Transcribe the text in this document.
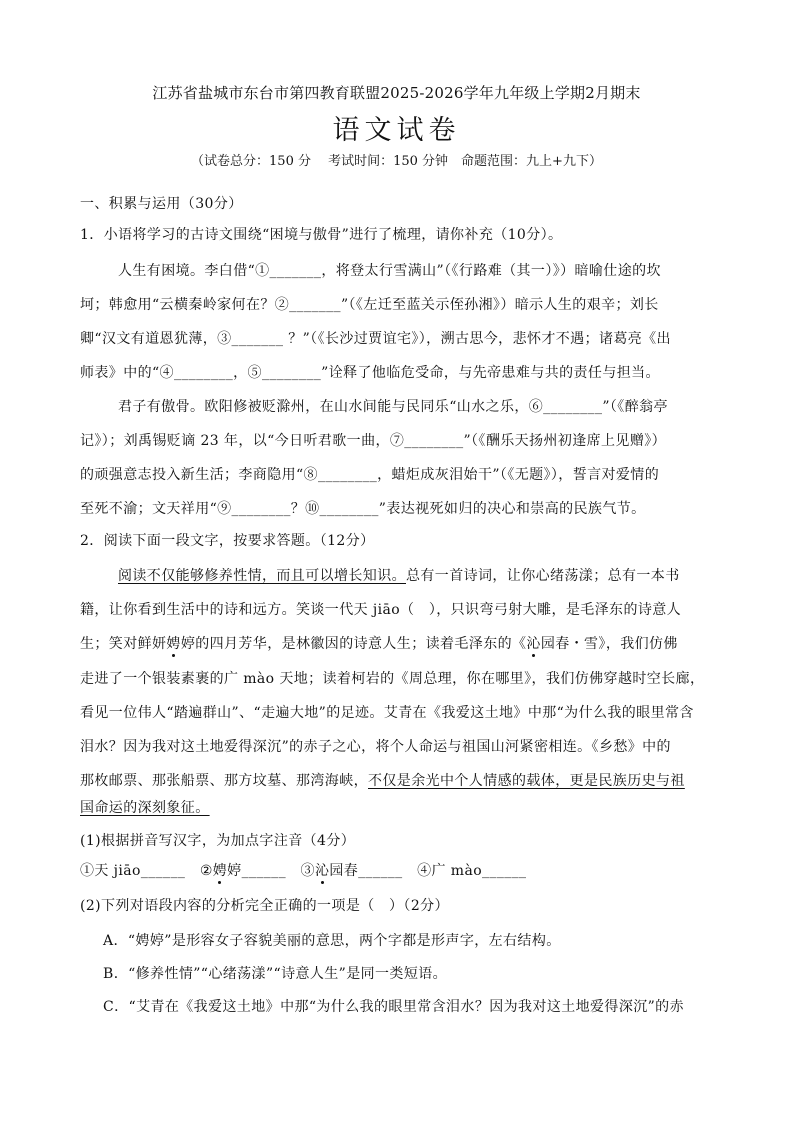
江苏省盐城市东台市第四教育联盟2025-2026学年九年级上学期2月期末
语文试卷
（试卷总分：150 分　 考试时间：150 分钟　命题范围：九上+九下）
一、积累与运用（30分）
1．小语将学习的古诗文围绕“困境与傲骨”进行了梳理，请你补充（10分）。
人生有困境。李白借“①_______，将登太行雪满山”（《行路难（其一）》）暗喻仕途的坎
坷；韩愈用“云横秦岭家何在？②_______”（《左迁至蓝关示侄孙湘》）暗示人生的艰辛；刘长
卿“汉文有道恩犹薄，③_______ ？”（《长沙过贾谊宅》），溯古思今，悲怀才不遇；诸葛亮《出
师表》中的“④________，⑤________”诠释了他临危受命，与先帝患难与共的责任与担当。
君子有傲骨。欧阳修被贬滁州，在山水间能与民同乐“山水之乐，⑥________”（《醉翁亭
记》）；刘禹锡贬谪 23 年，以“今日听君歌一曲，⑦________”（《酬乐天扬州初逢席上见赠》）
的顽强意志投入新生活；李商隐用“⑧________，蜡炬成灰泪始干”（《无题》），誓言对爱情的
至死不渝；文天祥用“⑨________？⑩________”表达视死如归的决心和崇高的民族气节。
2．阅读下面一段文字，按要求答题。（12分）
阅读不仅能够修养性情，而且可以增长知识。总有一首诗词，让你心绪荡漾；总有一本书
籍，让你看到生活中的诗和远方。笑谈一代天 jiāo（　），只识弯弓射大雕，是毛泽东的诗意人
生；笑对鲜妍娉婷的四月芳华，是林徽因的诗意人生；读着毛泽东的《沁园春・雪》，我们仿佛
走进了一个银装素裹的广 mào 天地；读着柯岩的《周总理，你在哪里》，我们仿佛穿越时空长廊，
看见一位伟人“踏遍群山”、“走遍大地”的足迹。艾青在《我爱这土地》中那“为什么我的眼里常含
泪水？因为我对这土地爱得深沉”的赤子之心，将个人命运与祖国山河紧密相连。《乡愁》中的
那枚邮票、那张船票、那方坟墓、那湾海峡，不仅是余光中个人情感的载体，更是民族历史与祖
国命运的深刻象征。
(1)根据拼音写汉字，为加点字注音（4分）
①天 jiāo______ ②娉婷______ ③沁园春______ ④广 mào______
(2)下列对语段内容的分析完全正确的一项是（　）（2分）
A．“娉婷”是形容女子容貌美丽的意思，两个字都是形声字，左右结构。
B．“修养性情”“心绪荡漾”“诗意人生”是同一类短语。
C．“艾青在《我爱这土地》中那“为什么我的眼里常含泪水？因为我对这土地爱得深沉”的赤
